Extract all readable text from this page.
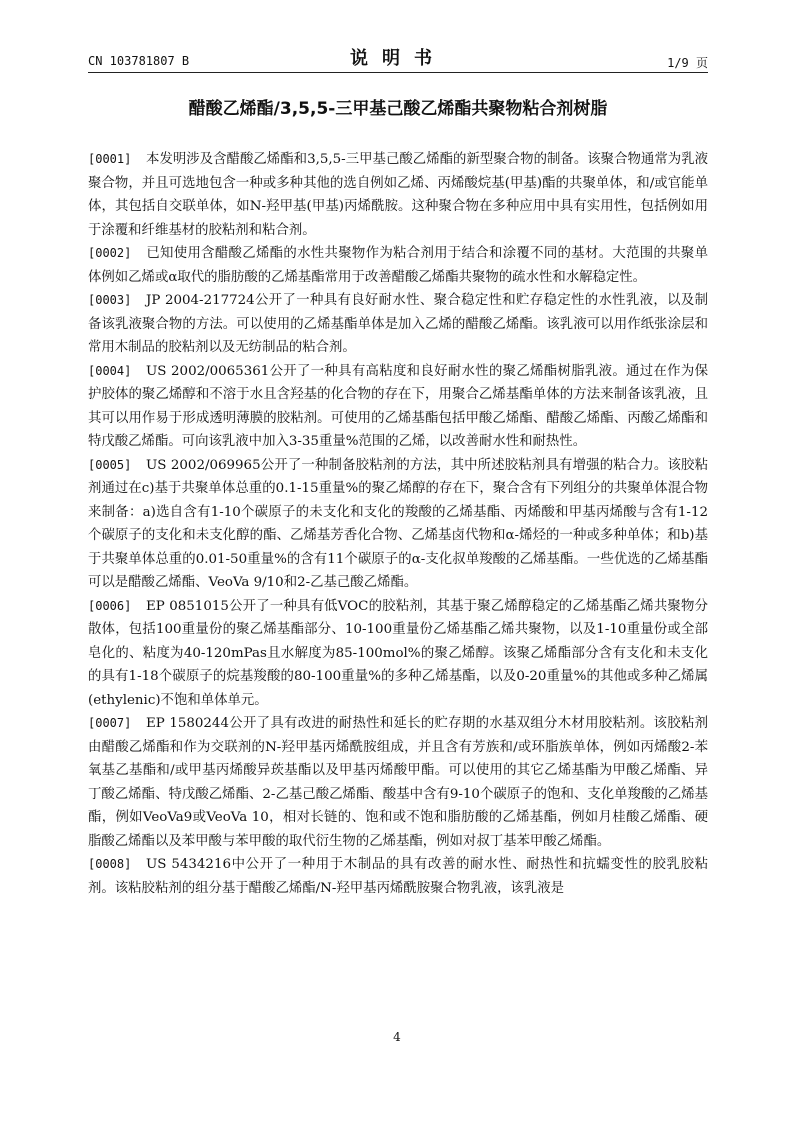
CN 103781807 B	说明书	1/9 页
醋酸乙烯酯/3,5,5-三甲基己酸乙烯酯共聚物粘合剂树脂

[0001] 本发明涉及含醋酸乙烯酯和3,5,5-三甲基己酸乙烯酯的新型聚合物的制备。该聚合物通常为乳液聚合物，并且可选地包含一种或多种其他的选自例如乙烯、丙烯酸烷基(甲基)酯的共聚单体，和/或官能单体，其包括自交联单体，如N-羟甲基(甲基)丙烯酰胺。这种聚合物在多种应用中具有实用性，包括例如用于涂覆和纤维基材的胶粘剂和粘合剂。

[0002] 已知使用含醋酸乙烯酯的水性共聚物作为粘合剂用于结合和涂覆不同的基材。大范围的共聚单体例如乙烯或α取代的脂肪酸的乙烯基酯常用于改善醋酸乙烯酯共聚物的疏水性和水解稳定性。

[0003] JP 2004-217724公开了一种具有良好耐水性、聚合稳定性和贮存稳定性的水性乳液，以及制备该乳液聚合物的方法。可以使用的乙烯基酯单体是加入乙烯的醋酸乙烯酯。该乳液可以用作纸张涂层和常用木制品的胶粘剂以及无纺制品的粘合剂。

[0004] US 2002/0065361公开了一种具有高粘度和良好耐水性的聚乙烯酯树脂乳液。通过在作为保护胶体的聚乙烯醇和不溶于水且含羟基的化合物的存在下，用聚合乙烯基酯单体的方法来制备该乳液，且其可以用作易于形成透明薄膜的胶粘剂。可使用的乙烯基酯包括甲酸乙烯酯、醋酸乙烯酯、丙酸乙烯酯和特戊酸乙烯酯。可向该乳液中加入3-35重量%范围的乙烯，以改善耐水性和耐热性。

[0005] US 2002/069965公开了一种制备胶粘剂的方法，其中所述胶粘剂具有增强的粘合力。该胶粘剂通过在c)基于共聚单体总重的0.1-15重量%的聚乙烯醇的存在下，聚合含有下列组分的共聚单体混合物来制备：a)选自含有1-10个碳原子的未支化和支化的羧酸的乙烯基酯、丙烯酸和甲基丙烯酸与含有1-12个碳原子的支化和未支化醇的酯、乙烯基芳香化合物、乙烯基卤代物和α-烯烃的一种或多种单体；和b)基于共聚单体总重的0.01-50重量%的含有11个碳原子的α-支化叔单羧酸的乙烯基酯。一些优选的乙烯基酯可以是醋酸乙烯酯、VeoVa 9/10和2-乙基己酸乙烯酯。

[0006] EP 0851015公开了一种具有低VOC的胶粘剂，其基于聚乙烯醇稳定的乙烯基酯乙烯共聚物分散体，包括100重量份的聚乙烯基酯部分、10-100重量份乙烯基酯乙烯共聚物，以及1-10重量份或全部皂化的、粘度为40-120mPas且水解度为85-100mol%的聚乙烯醇。该聚乙烯酯部分含有支化和未支化的具有1-18个碳原子的烷基羧酸的80-100重量%的多种乙烯基酯，以及0-20重量%的其他或多种乙烯属(ethylenic)不饱和单体单元。

[0007] EP 1580244公开了具有改进的耐热性和延长的贮存期的水基双组分木材用胶粘剂。该胶粘剂由醋酸乙烯酯和作为交联剂的N-羟甲基丙烯酰胺组成，并且含有芳族和/或环脂族单体，例如丙烯酸2-苯氧基乙基酯和/或甲基丙烯酸异莰基酯以及甲基丙烯酸甲酯。可以使用的其它乙烯基酯为甲酸乙烯酯、异丁酸乙烯酯、特戊酸乙烯酯、2-乙基己酸乙烯酯、酸基中含有9-10个碳原子的饱和、支化单羧酸的乙烯基酯，例如VeoVa9或VeoVa 10，相对长链的、饱和或不饱和脂肪酸的乙烯基酯，例如月桂酸乙烯酯、硬脂酸乙烯酯以及苯甲酸与苯甲酸的取代衍生物的乙烯基酯，例如对叔丁基苯甲酸乙烯酯。

[0008] US 5434216中公开了一种用于木制品的具有改善的耐水性、耐热性和抗蠕变性的胶乳胶粘剂。该粘胶粘剂的组分基于醋酸乙烯酯/N-羟甲基丙烯酰胺聚合物乳液，该乳液是

4
